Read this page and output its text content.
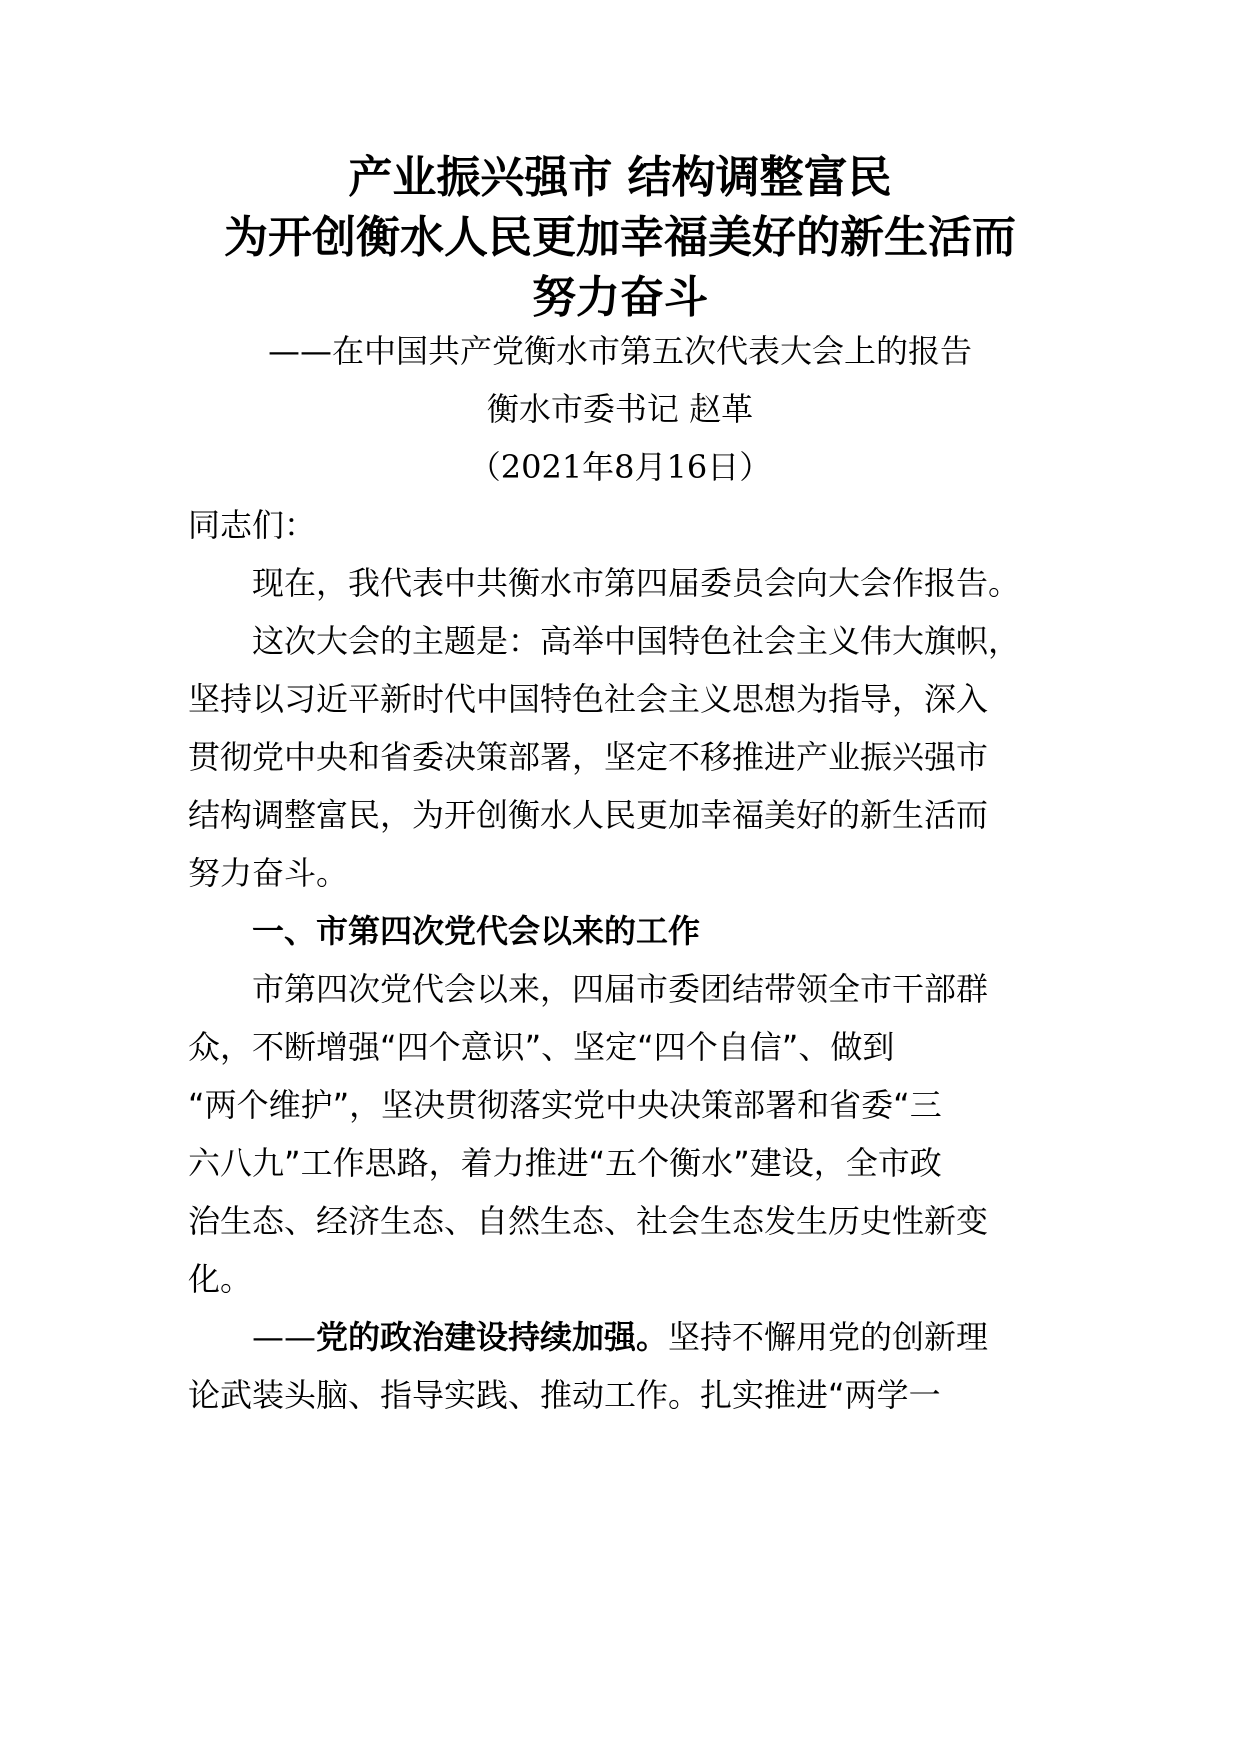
产业振兴强市 结构调整富民
为开创衡水人民更加幸福美好的新生活而
努力奋斗
——在中国共产党衡水市第五次代表大会上的报告
衡水市委书记 赵革
（2021年8月16日）
同志们：
现在，我代表中共衡水市第四届委员会向大会作报告。
这次大会的主题是：高举中国特色社会主义伟大旗帜，
坚持以习近平新时代中国特色社会主义思想为指导，深入
贯彻党中央和省委决策部署，坚定不移推进产业振兴强市
结构调整富民，为开创衡水人民更加幸福美好的新生活而
努力奋斗。
一、市第四次党代会以来的工作
市第四次党代会以来，四届市委团结带领全市干部群
众，不断增强“四个意识”、坚定“四个自信”、做到
“两个维护”，坚决贯彻落实党中央决策部署和省委“三
六八九”工作思路，着力推进“五个衡水”建设，全市政
治生态、经济生态、自然生态、社会生态发生历史性新变
化。
——党的政治建设持续加强。坚持不懈用党的创新理
论武装头脑、指导实践、推动工作。扎实推进“两学一
